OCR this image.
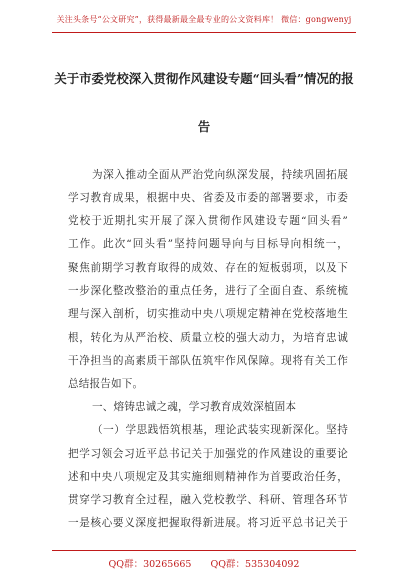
关注头条号“公文研究”，获得最新最全最专业的公文资料库！ 微信：gongwenyj
关于市委党校深入贯彻作风建设专题“回头看”情况的报
告
为深入推动全面从严治党向纵深发展，持续巩固拓展
学习教育成果，根据中央、省委及市委的部署要求，市委
党校于近期扎实开展了深入贯彻作风建设专题“回头看”
工作。此次“回头看”坚持问题导向与目标导向相统一，
聚焦前期学习教育取得的成效、存在的短板弱项，以及下
一步深化整改整治的重点任务，进行了全面自查、系统梳
理与深入剖析，切实推动中央八项规定精神在党校落地生
根，转化为从严治校、质量立校的强大动力，为培育忠诚
干净担当的高素质干部队伍筑牢作风保障。现将有关工作
总结报告如下。
一、熔铸忠诚之魂，学习教育成效深植固本
（一）学思践悟筑根基，理论武装实现新深化。坚持
把学习领会习近平总书记关于加强党的作风建设的重要论
述和中央八项规定及其实施细则精神作为首要政治任务，
贯穿学习教育全过程，融入党校教学、科研、管理各环节
一是核心要义深度把握取得新进展。将习近平总书记关于
QQ群：30265665 QQ群：535304092
